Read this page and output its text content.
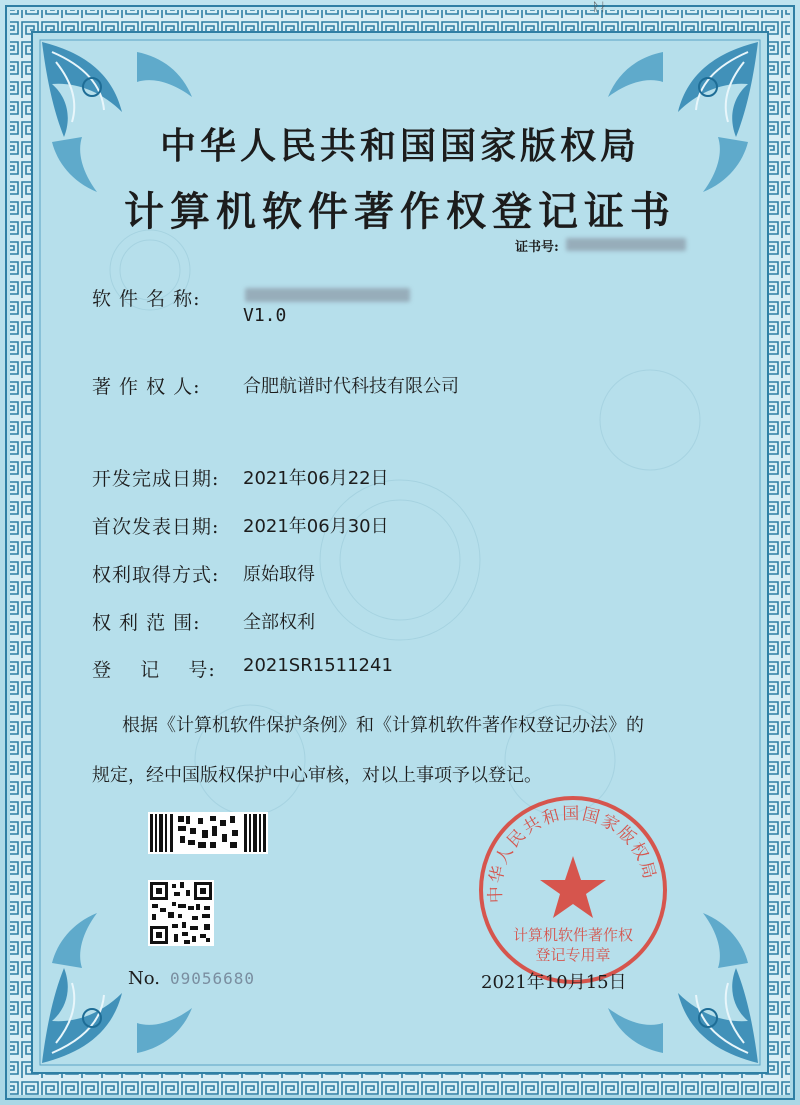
ᚱᛅ
中华人民共和国国家版权局
计算机软件著作权登记证书
证书号:
软 件 名 称:
V1.0
著 作 权 人: 合肥航谱时代科技有限公司
开发完成日期: 2021年06月22日
首次发表日期: 2021年06月30日
权利取得方式: 原始取得
权 利 范 围: 全部权利
登    记    号: 2021SR1511241
根据《计算机软件保护条例》和《计算机软件著作权登记办法》的
规定，经中国版权保护中心审核，对以上事项予以登记。
No. 09056680
中华人民共和国国家版权局
计算机软件著作权
登记专用章
2021年10月15日
